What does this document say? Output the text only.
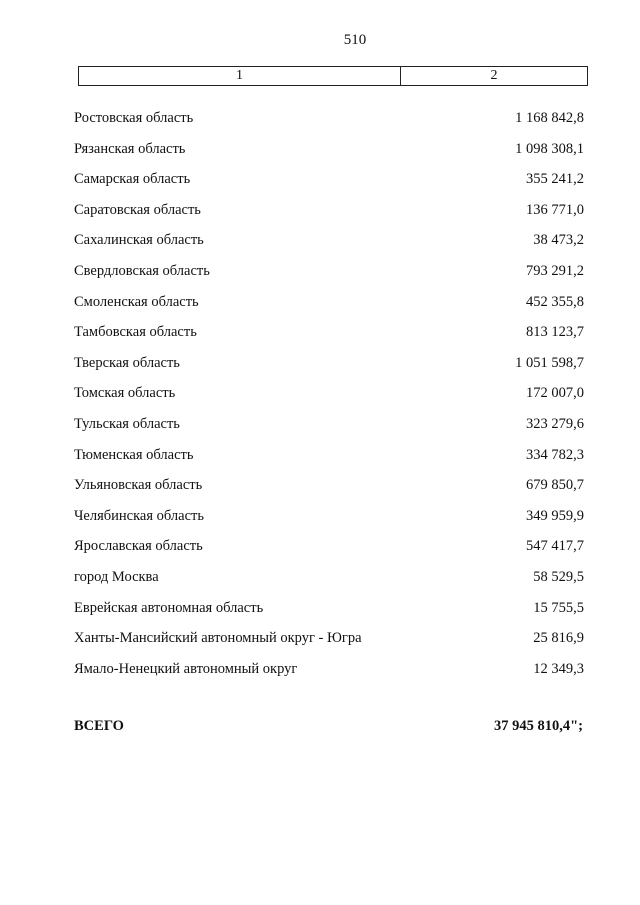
510
1	2
Ростовская область	1 168 842,8
Рязанская область	1 098 308,1
Самарская область	355 241,2
Саратовская область	136 771,0
Сахалинская область	38 473,2
Свердловская область	793 291,2
Смоленская область	452 355,8
Тамбовская область	813 123,7
Тверская область	1 051 598,7
Томская область	172 007,0
Тульская область	323 279,6
Тюменская область	334 782,3
Ульяновская область	679 850,7
Челябинская область	349 959,9
Ярославская область	547 417,7
город Москва	58 529,5
Еврейская автономная область	15 755,5
Ханты-Мансийский автономный округ - Югра	25 816,9
Ямало-Ненецкий автономный округ	12 349,3
ВСЕГО	37 945 810,4";
